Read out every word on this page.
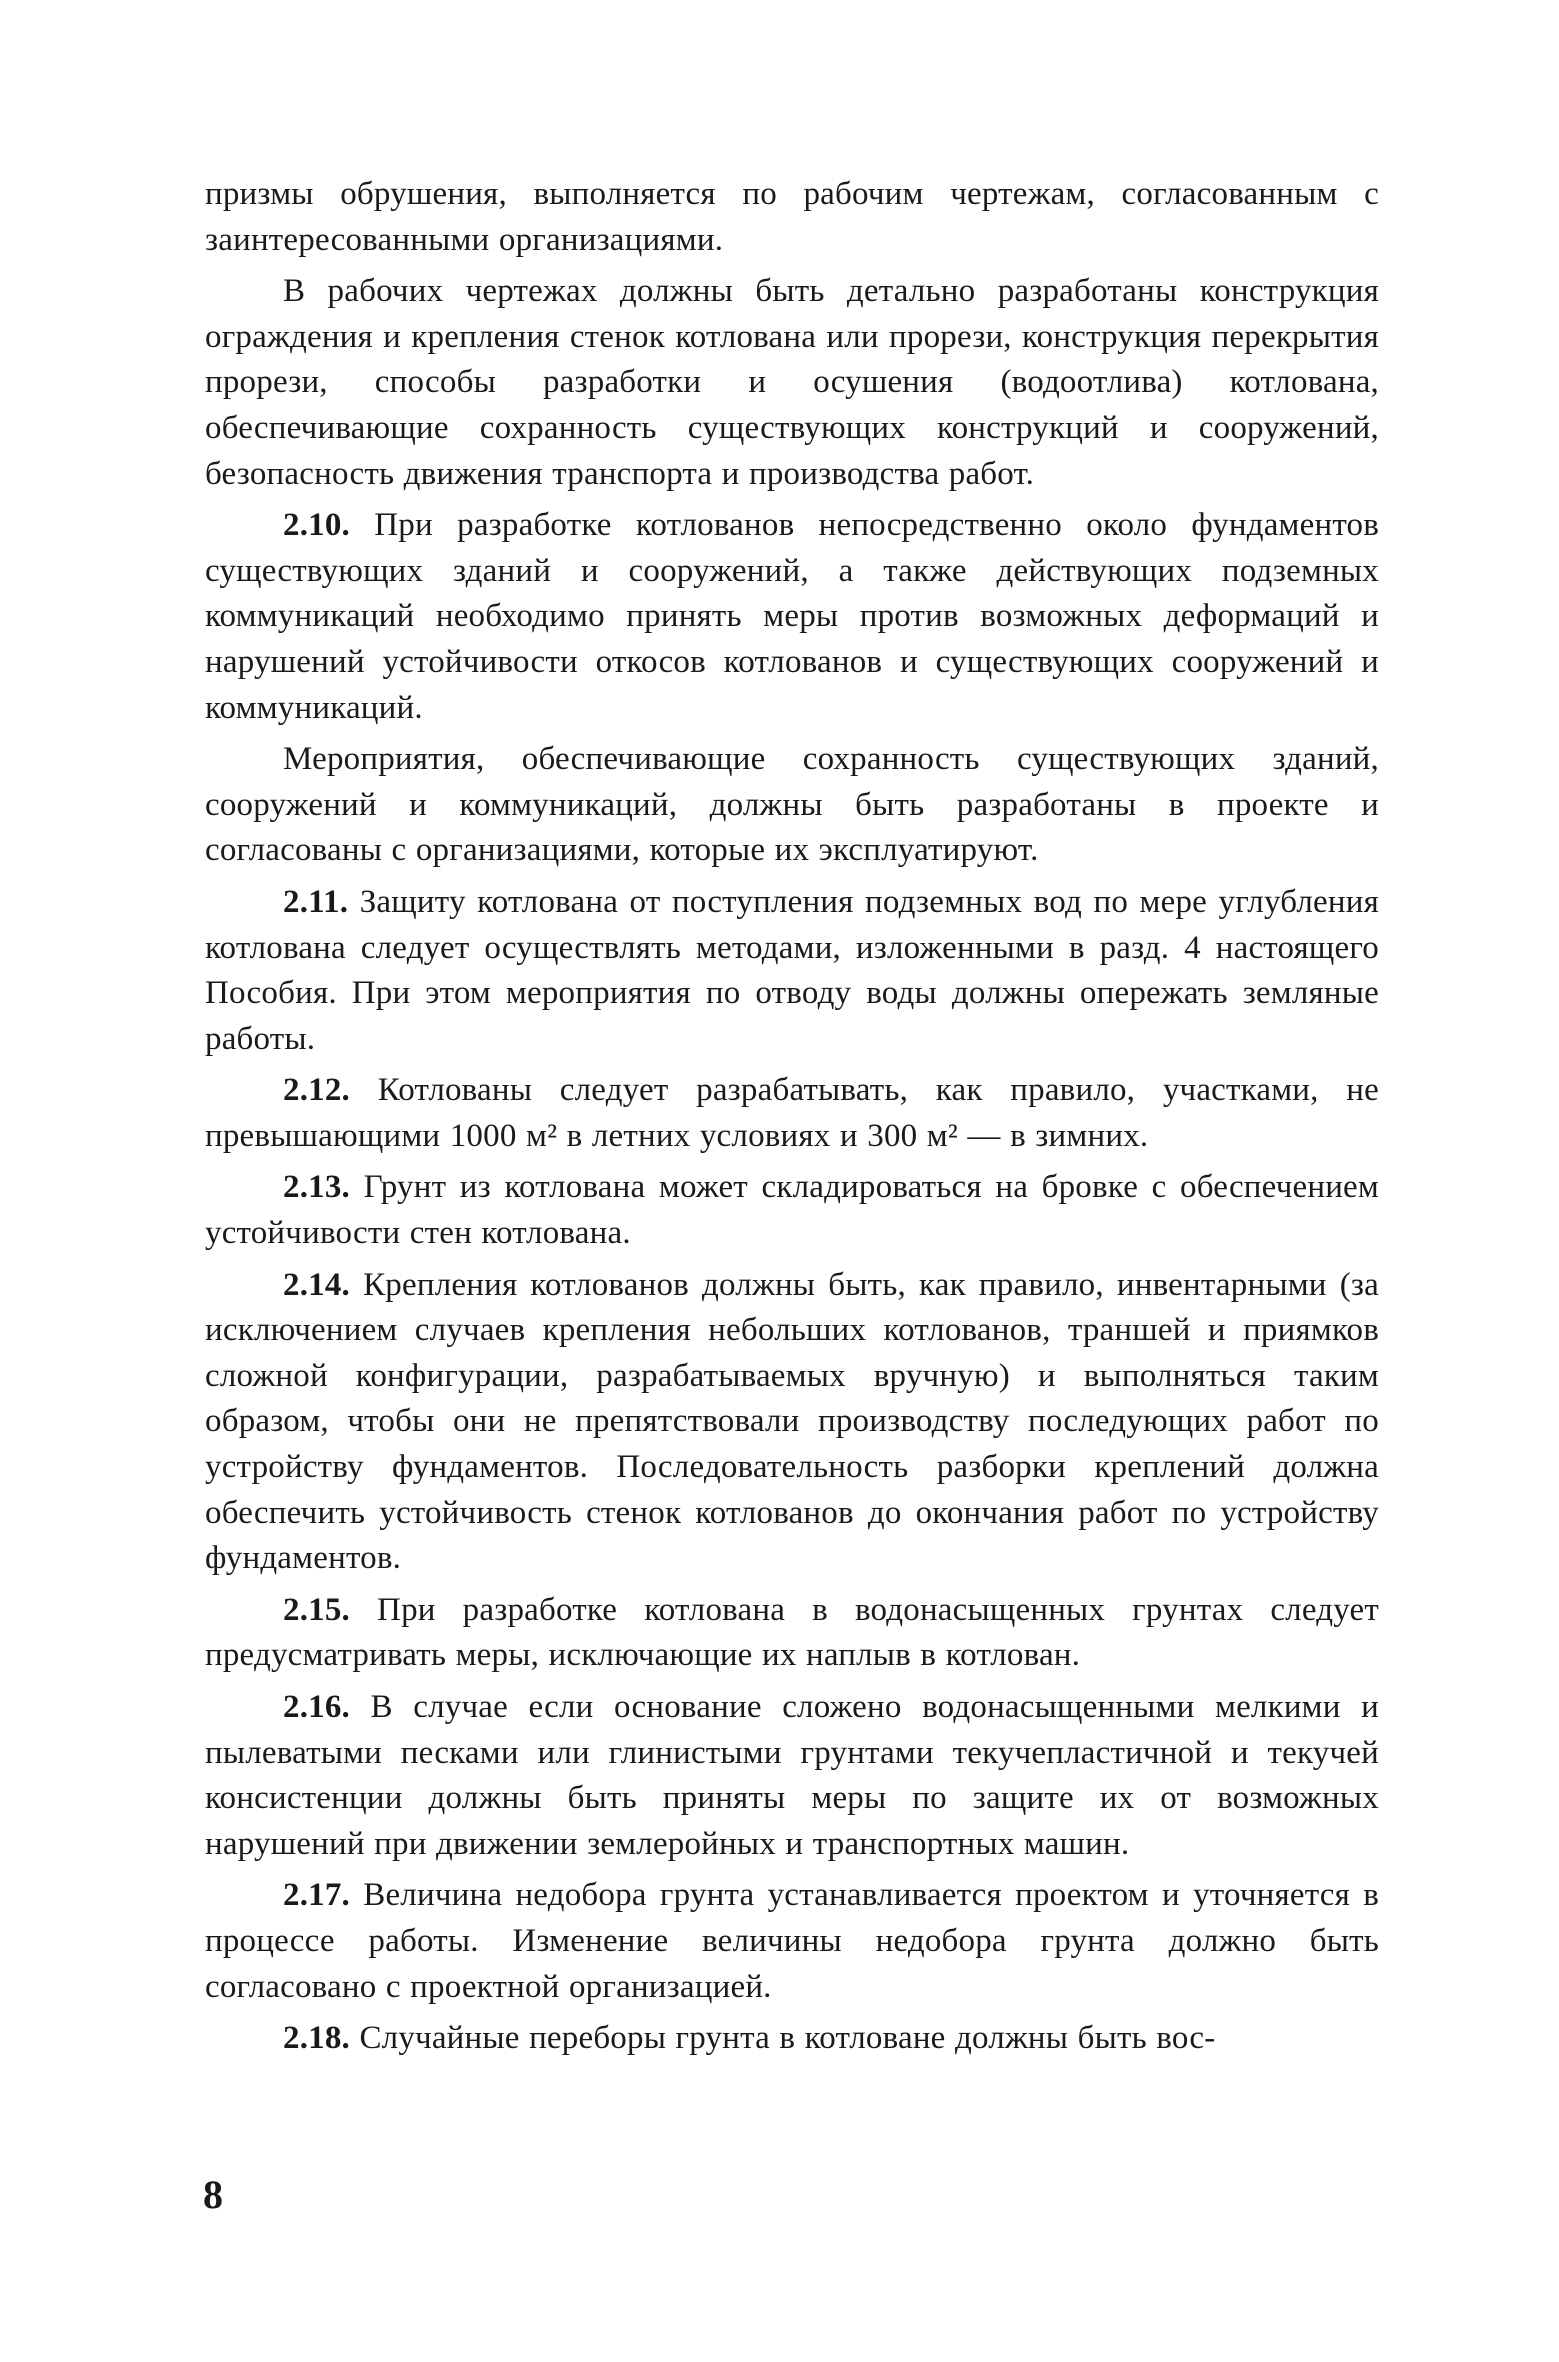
призмы обрушения, выполняется по рабочим чертежам, согласованным с заинтересованными организациями.

В рабочих чертежах должны быть детально разработаны конструкция ограждения и крепления стенок котлована или прорези, конструкция перекрытия прорези, способы разработки и осушения (водоотлива) котлована, обеспечивающие сохранность существующих конструкций и сооружений, безопасность движения транспорта и производства работ.

2.10. При разработке котлованов непосредственно около фундаментов существующих зданий и сооружений, а также действующих подземных коммуникаций необходимо принять меры против возможных деформаций и нарушений устойчивости откосов котлованов и существующих сооружений и коммуникаций.

Мероприятия, обеспечивающие сохранность существующих зданий, сооружений и коммуникаций, должны быть разработаны в проекте и согласованы с организациями, которые их эксплуатируют.

2.11. Защиту котлована от поступления подземных вод по мере углубления котлована следует осуществлять методами, изложенными в разд. 4 настоящего Пособия. При этом мероприятия по отводу воды должны опережать земляные работы.

2.12. Котлованы следует разрабатывать, как правило, участками, не превышающими 1000 м² в летних условиях и 300 м² — в зимних.

2.13. Грунт из котлована может складироваться на бровке с обеспечением устойчивости стен котлована.

2.14. Крепления котлованов должны быть, как правило, инвентарными (за исключением случаев крепления небольших котлованов, траншей и приямков сложной конфигурации, разрабатываемых вручную) и выполняться таким образом, чтобы они не препятствовали производству последующих работ по устройству фундаментов. Последовательность разборки креплений должна обеспечить устойчивость стенок котлованов до окончания работ по устройству фундаментов.

2.15. При разработке котлована в водонасыщенных грунтах следует предусматривать меры, исключающие их наплыв в котлован.

2.16. В случае если основание сложено водонасыщенными мелкими и пылеватыми песками или глинистыми грунтами текучепластичной и текучей консистенции должны быть приняты меры по защите их от возможных нарушений при движении землеройных и транспортных машин.

2.17. Величина недобора грунта устанавливается проектом и уточняется в процессе работы. Изменение величины недобора грунта должно быть согласовано с проектной организацией.

2.18. Случайные переборы грунта в котловане должны быть вос-

8
